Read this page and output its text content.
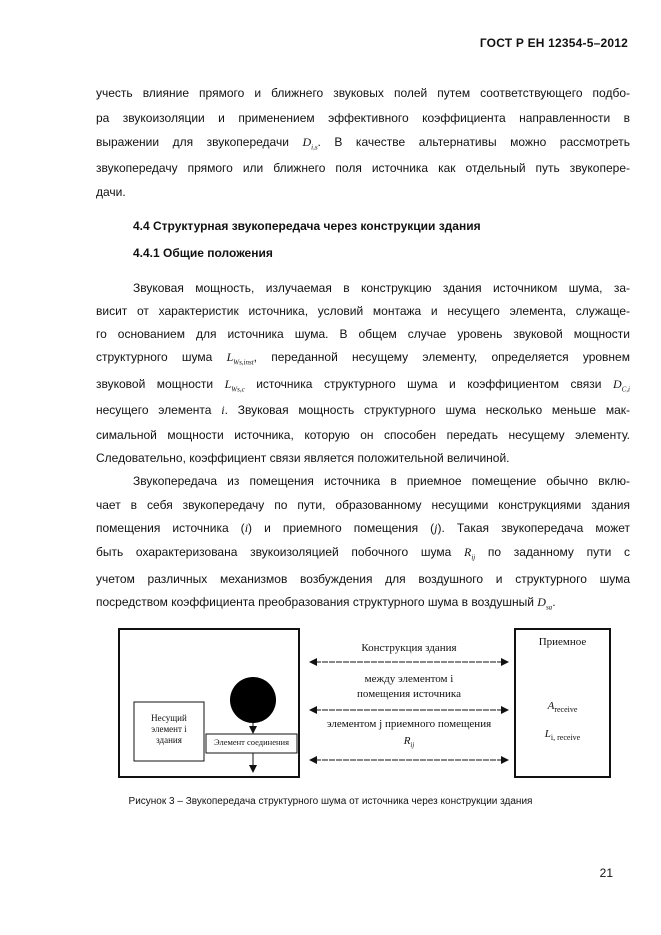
ГОСТ Р ЕН 12354-5–2012
учесть влияние прямого и ближнего звуковых полей путем соответствующего подбо-
ра звукоизоляции и применением эффективного коэффициента направленности в
выражении для звукопередачи $D_{i,s}$. В качестве альтернативы можно рассмотреть
звукопередачу прямого или ближнего поля источника как отдельный путь звукопере-
дачи.
4.4 Структурная звукопередача через конструкции здания
4.4.1 Общие положения
Звуковая мощность, излучаемая в конструкцию здания источником шума, за-
висит от характеристик источника, условий монтажа и несущего элемента, служаще-
го основанием для источника шума. В общем случае уровень звуковой мощности
структурного шума $L_{Ws,inst}$, переданной несущему элементу, определяется уровнем
звуковой мощности $L_{Ws,c}$ источника структурного шума и коэффициентом связи $D_{C,i}$
несущего элемента i. Звуковая мощность структурного шума несколько меньше мак-
симальной мощности источника, которую он способен передать несущему элементу.
Следовательно, коэффициент связи является положительной величиной.
Звукопередача из помещения источника в приемное помещение обычно вклю-
чает в себя звукопередачу по пути, образованному несущими конструкциями здания
помещения источника (i) и приемного помещения (j). Такая звукопередача может
быть охарактеризована звукоизоляцией побочного шума $R_{ij}$ по заданному пути с
учетом различных механизмов возбуждения для воздушного и структурного шума
посредством коэффициента преобразования структурного шума в воздушный $D_{sa}$.
Приемное
Конструкция здания
между элементом i
помещения источника
элементом j приемного помещения
$R_{ij}$
$A_{receive}$
$L_{i, receive}$
Несущий
элемент i
здания	Элемент соединения
Рисунок 3 – Звукопередача структурного шума от источника через конструкции здания
21
